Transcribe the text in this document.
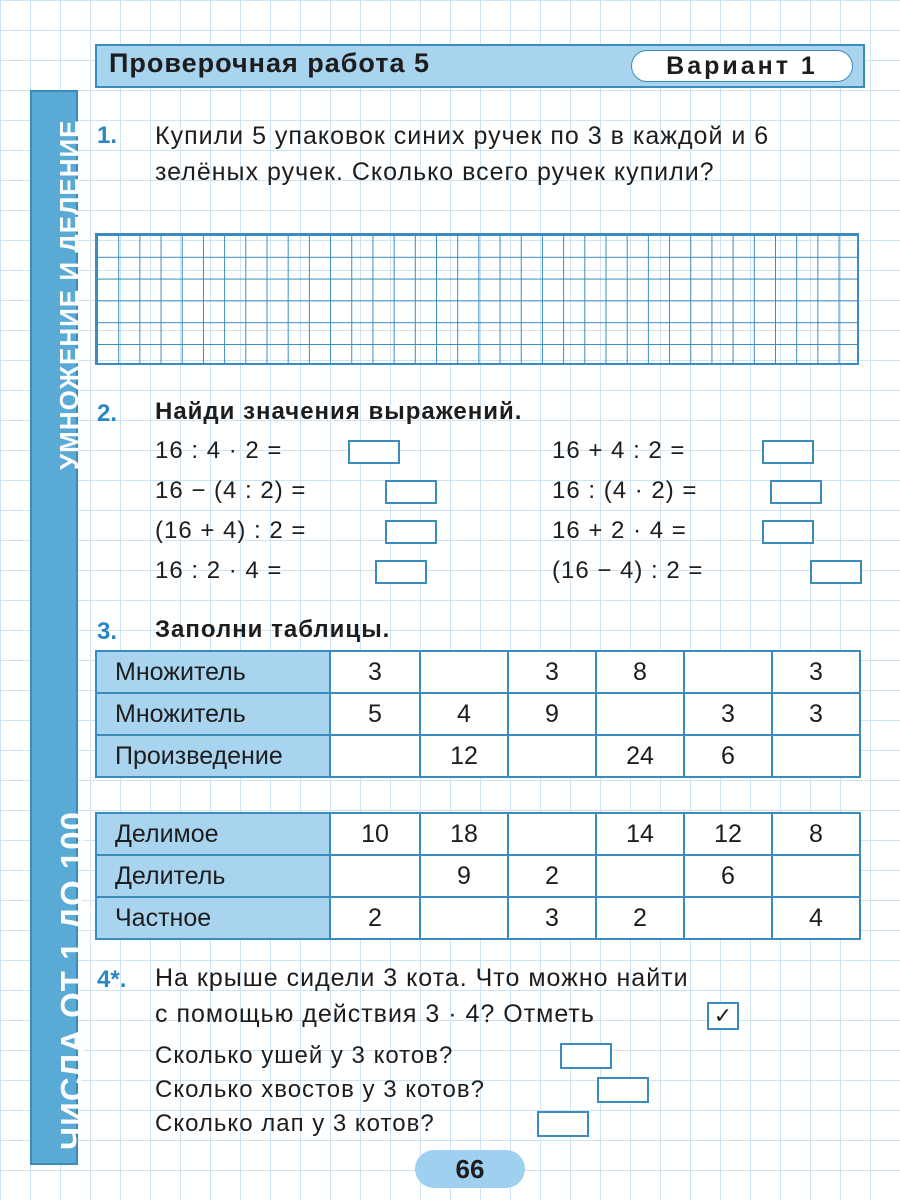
УМНОЖЕНИЕ И ДЕЛЕНИЕ
ЧИСЛА ОТ 1 ДО 100
Проверочная работа 5	Вариант 1
1. Купили 5 упаковок синих ручек по 3 в каждой и 6 зелёных ручек. Сколько всего ручек купили?
2. Найди значения выражений.
16 : 4 · 2 =
16 − (4 : 2) =
(16 + 4) : 2 =
16 : 2 · 4 =
16 + 4 : 2 =
16 : (4 · 2) =
16 + 2 · 4 =
(16 − 4) : 2 =
3. Заполни таблицы.
Множитель	3		3	8		3
Множитель	5	4	9		3	3
Произведение		12		24	6	
Делимое	10	18		14	12	8
Делитель		9	2		6	
Частное	2		3	2		4
4*. На крыше сидели 3 кота. Что можно найти
с помощью действия 3 · 4? Отметь	✓
Сколько ушей у 3 котов?
Сколько хвостов у 3 котов?
Сколько лап у 3 котов?
66
